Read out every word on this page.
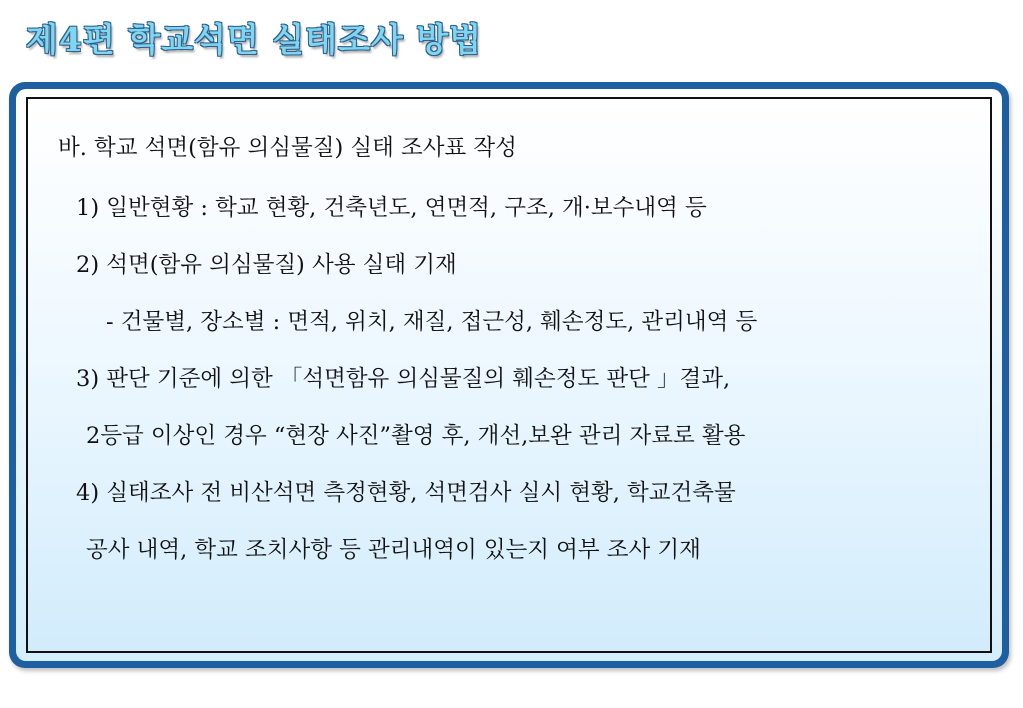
제4편 학교석면 실태조사 방법
바. 학교 석면(함유 의심물질) 실태 조사표 작성
1) 일반현황 : 학교 현황, 건축년도, 연면적, 구조, 개·보수내역 등
2) 석면(함유 의심물질) 사용 실태 기재
- 건물별, 장소별 : 면적, 위치, 재질, 접근성, 훼손정도, 관리내역 등
3) 판단 기준에 의한 「석면함유 의심물질의 훼손정도 판단 」결과,
2등급 이상인 경우 “현장 사진”촬영 후, 개선,보완 관리 자료로 활용
4) 실태조사 전 비산석면 측정현황, 석면검사 실시 현황, 학교건축물
공사 내역, 학교 조치사항 등 관리내역이 있는지 여부 조사 기재
